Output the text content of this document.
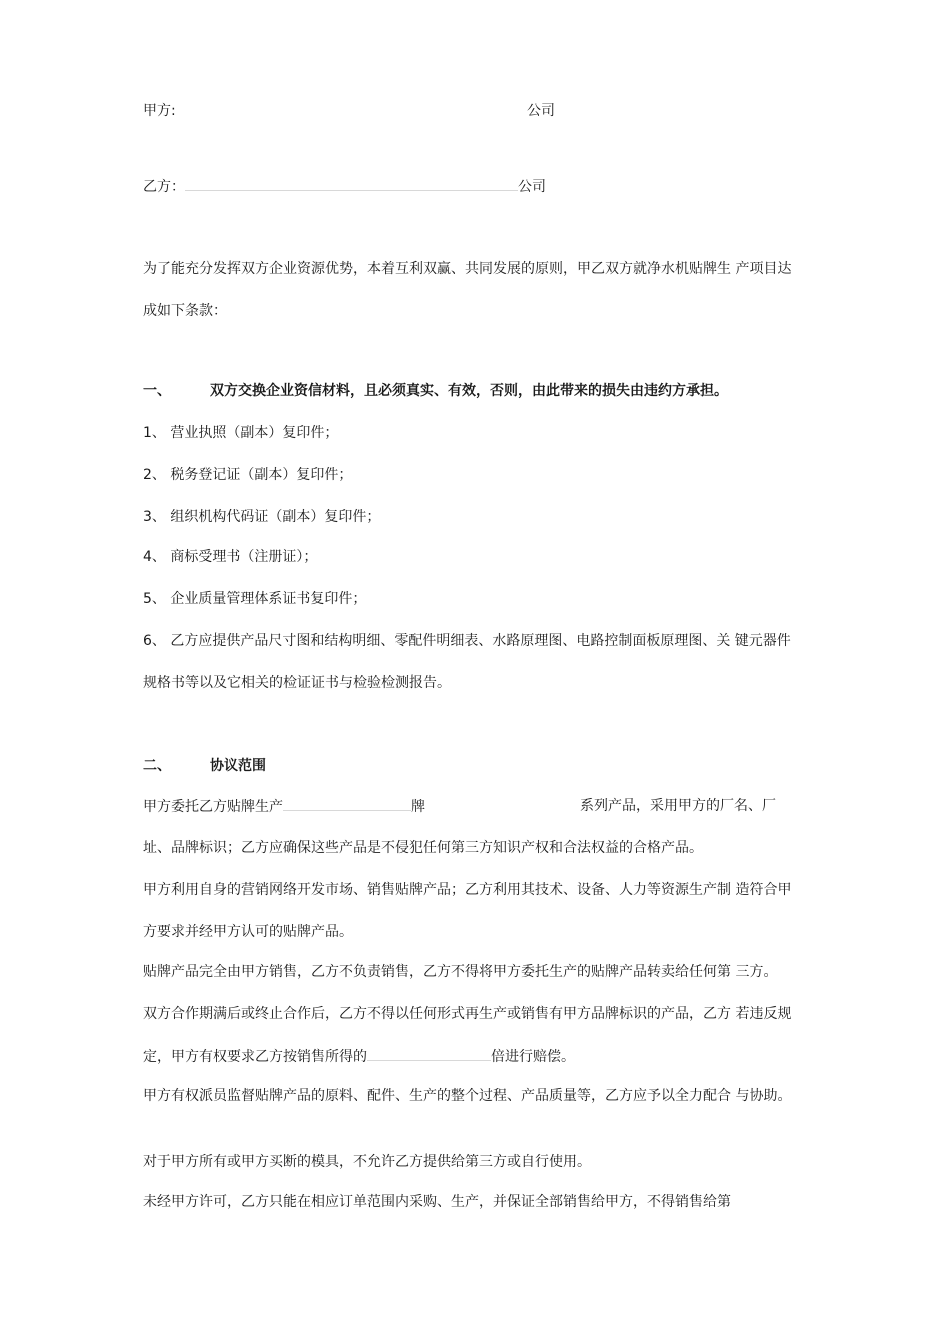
甲方:	公司
乙方：	公司
为了能充分发挥双方企业资源优势，本着互利双赢、共同发展的原则，甲乙双方就净水机贴牌生 产项目达
成如下条款：
一、	双方交换企业资信材料，且必须真实、有效，否则，由此带来的损失由违约方承担。
1、 营业执照（副本）复印件；
2、 税务登记证（副本）复印件；
3、 组织机构代码证（副本）复印件；
4、 商标受理书（注册证）；
5、 企业质量管理体系证书复印件；
6、 乙方应提供产品尺寸图和结构明细、零配件明细表、水路原理图、电路控制面板原理图、关 键元器件
规格书等以及它相关的检证证书与检验检测报告。
二、	协议范围
甲方委托乙方贴牌生产	牌	系列产品，采用甲方的厂名、厂
址、品牌标识；乙方应确保这些产品是不侵犯任何第三方知识产权和合法权益的合格产品。
甲方利用自身的营销网络开发市场、销售贴牌产品；乙方利用其技术、设备、人力等资源生产制 造符合甲
方要求并经甲方认可的贴牌产品。
贴牌产品完全由甲方销售，乙方不负责销售，乙方不得将甲方委托生产的贴牌产品转卖给任何第 三方。
双方合作期满后或终止合作后，乙方不得以任何形式再生产或销售有甲方品牌标识的产品，乙方 若违反规
定，甲方有权要求乙方按销售所得的	倍进行赔偿。
甲方有权派员监督贴牌产品的原料、配件、生产的整个过程、产品质量等，乙方应予以全力配合 与协助。
对于甲方所有或甲方买断的模具，不允许乙方提供给第三方或自行使用。
未经甲方许可，乙方只能在相应订单范围内采购、生产，并保证全部销售给甲方，不得销售给第
